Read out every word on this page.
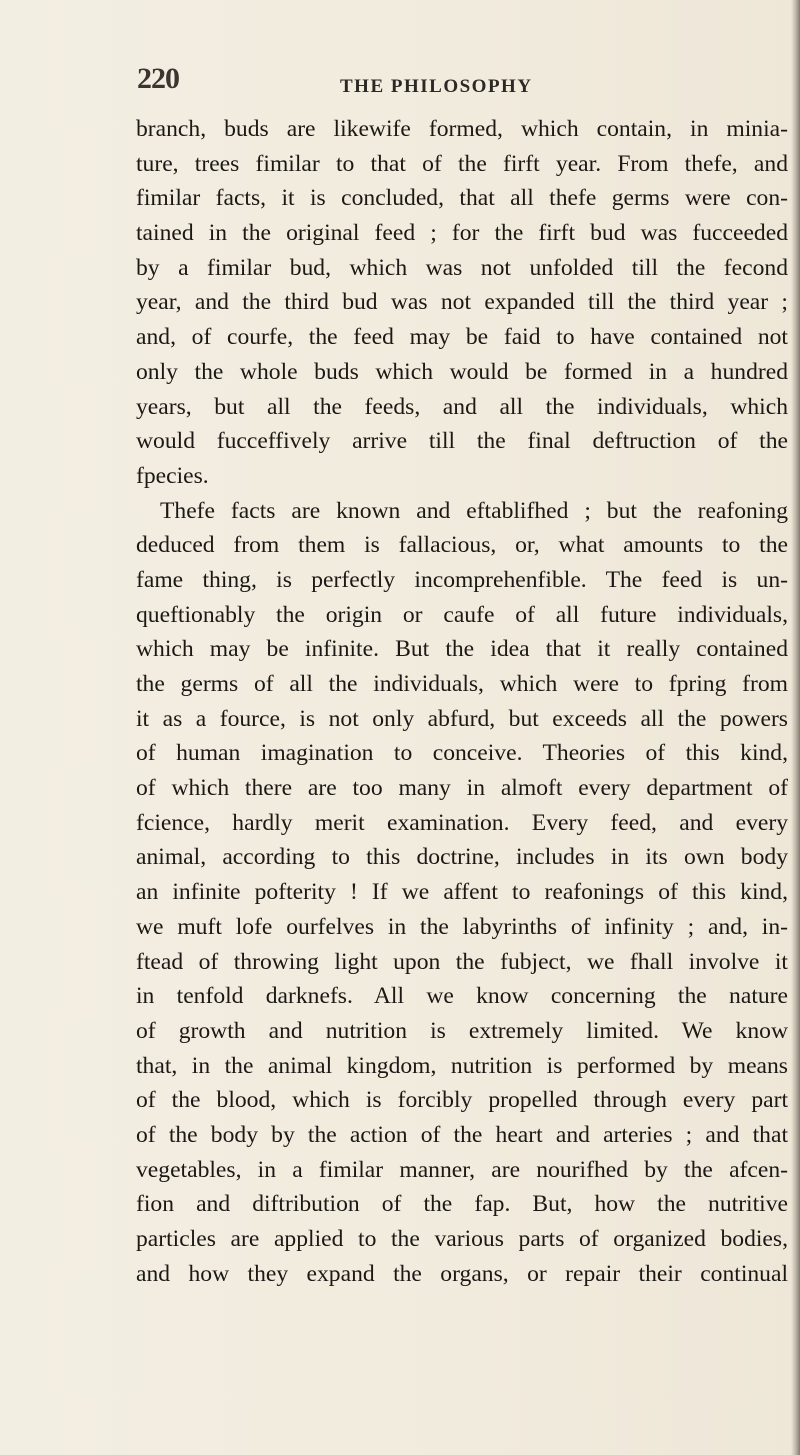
220	THE PHILOSOPHY
branch, buds are likewife formed, which contain, in minia-
ture, trees fimilar to that of the firft year. From thefe, and
fimilar facts, it is concluded, that all thefe germs were con-
tained in the original feed ; for the firft bud was fucceeded
by a fimilar bud, which was not unfolded till the fecond
year, and the third bud was not expanded till the third year ;
and, of courfe, the feed may be faid to have contained not
only the whole buds which would be formed in a hundred
years, but all the feeds, and all the individuals, which
would fucceffively arrive till the final deftruction of the
fpecies.
Thefe facts are known and eftablifhed ; but the reafoning
deduced from them is fallacious, or, what amounts to the
fame thing, is perfectly incomprehenfible. The feed is un-
queftionably the origin or caufe of all future individuals,
which may be infinite. But the idea that it really contained
the germs of all the individuals, which were to fpring from
it as a fource, is not only abfurd, but exceeds all the powers
of human imagination to conceive. Theories of this kind,
of which there are too many in almoft every department of
fcience, hardly merit examination. Every feed, and every
animal, according to this doctrine, includes in its own body
an infinite pofterity ! If we affent to reafonings of this kind,
we muft lofe ourfelves in the labyrinths of infinity ; and, in-
ftead of throwing light upon the fubject, we fhall involve it
in tenfold darknefs. All we know concerning the nature
of growth and nutrition is extremely limited. We know
that, in the animal kingdom, nutrition is performed by means
of the blood, which is forcibly propelled through every part
of the body by the action of the heart and arteries ; and that
vegetables, in a fimilar manner, are nourifhed by the afcen-
fion and diftribution of the fap. But, how the nutritive
particles are applied to the various parts of organized bodies,
and how they expand the organs, or repair their continual
